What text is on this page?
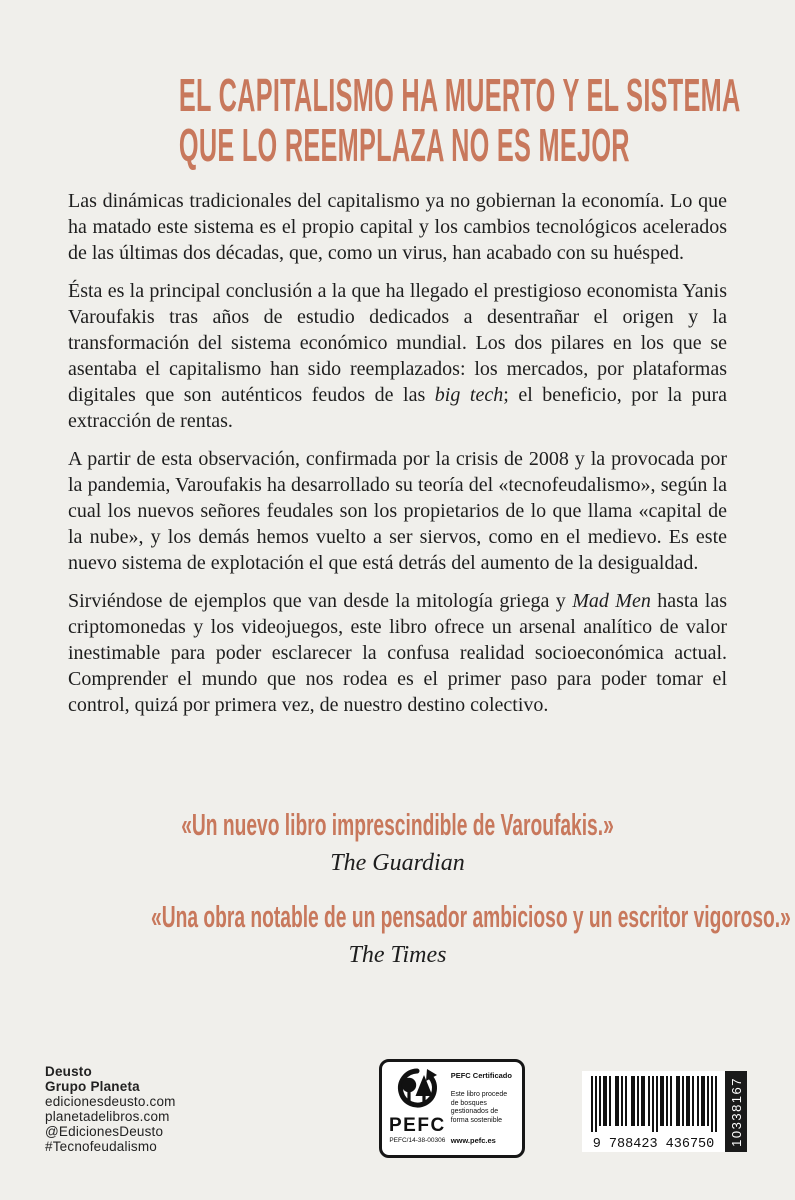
EL CAPITALISMO HA MUERTO Y EL SISTEMA
QUE LO REEMPLAZA NO ES MEJOR

Las dinámicas tradicionales del capitalismo ya no gobiernan la economía. Lo que ha matado este sistema es el propio capital y los cambios tecnológicos acelerados de las últimas dos décadas, que, como un virus, han acabado con su huésped.

Ésta es la principal conclusión a la que ha llegado el prestigioso economista Yanis Varoufakis tras años de estudio dedicados a desentrañar el origen y la transformación del sistema económico mundial. Los dos pilares en los que se asentaba el capitalismo han sido reemplazados: los mercados, por plataformas digitales que son auténticos feudos de las big tech; el beneficio, por la pura extracción de rentas.

A partir de esta observación, confirmada por la crisis de 2008 y la provocada por la pandemia, Varoufakis ha desarrollado su teoría del «tecnofeudalismo», según la cual los nuevos señores feudales son los propietarios de lo que llama «capital de la nube», y los demás hemos vuelto a ser siervos, como en el medievo. Es este nuevo sistema de explotación el que está detrás del aumento de la desigualdad.

Sirviéndose de ejemplos que van desde la mitología griega y Mad Men hasta las criptomonedas y los videojuegos, este libro ofrece un arsenal analítico de valor inestimable para poder esclarecer la confusa realidad socioeconómica actual. Comprender el mundo que nos rodea es el primer paso para poder tomar el control, quizá por primera vez, de nuestro destino colectivo.

«Un nuevo libro imprescindible de Varoufakis.»
The Guardian
«Una obra notable de un pensador ambicioso y un escritor vigoroso.»
The Times
Deusto
Grupo Planeta
edicionesdeusto.com
planetadelibros.com
@EdicionesDeusto
#Tecnofeudalismo
PEFC
PEFC/14-38-00306
PEFC Certificado
Este libro procede de bosques gestionados de forma sostenible
www.pefc.es	9 788423 436750 10338167
